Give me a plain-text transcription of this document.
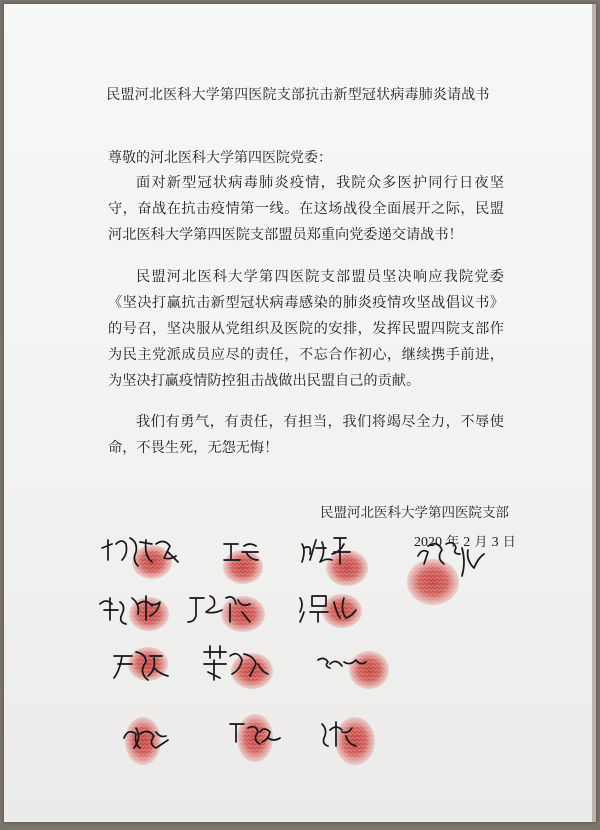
民盟河北医科大学第四医院支部抗击新型冠状病毒肺炎请战书
尊敬的河北医科大学第四医院党委：

面对新型冠状病毒肺炎疫情，我院众多医护同行日夜坚守，奋战在抗击疫情第一线。在这场战役全面展开之际，民盟河北医科大学第四医院支部盟员郑重向党委递交请战书！

民盟河北医科大学第四医院支部盟员坚决响应我院党委《坚决打赢抗击新型冠状病毒感染的肺炎疫情攻坚战倡议书》的号召，坚决服从党组织及医院的安排，发挥民盟四院支部作为民主党派成员应尽的责任，不忘合作初心，继续携手前进，为坚决打赢疫情防控狙击战做出民盟自己的贡献。

我们有勇气，有责任，有担当，我们将竭尽全力，不辱使命，不畏生死，无怨无悔！

民盟河北医科大学第四医院支部
2020 年 2 月 3 日
